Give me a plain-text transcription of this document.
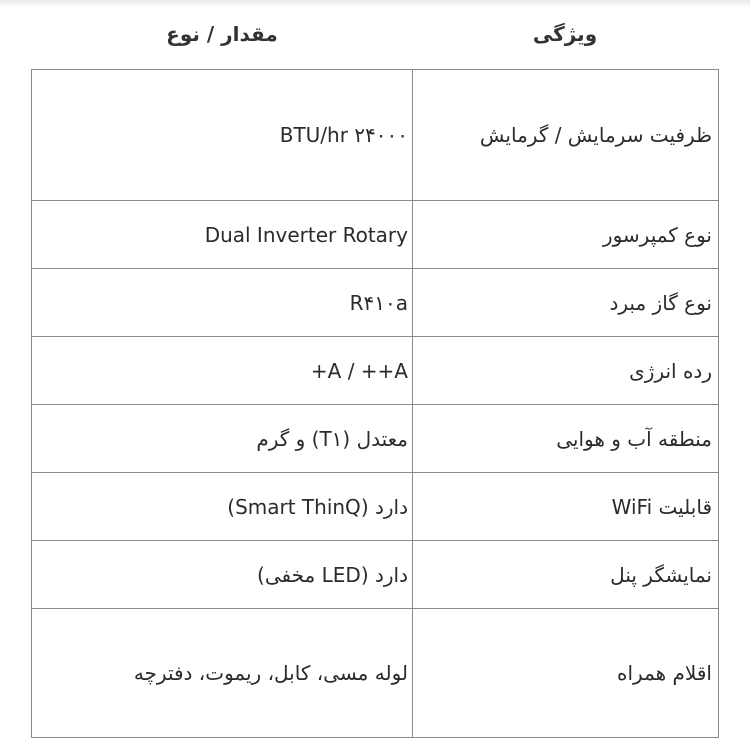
ویژگی
مقدار / نوع
ظرفیت سرمایش / گرمایش
BTU/hr ۲۴۰۰۰
نوع کمپرسور
Dual Inverter Rotary
نوع گاز مبرد
R۴۱۰a
رده انرژی
A / ++A+
منطقه آب و هوایی
معتدل (T۱) و گرم
قابلیت WiFi
دارد (Smart ThinQ)
نمایشگر پنل
دارد (LED مخفی)
اقلام همراه
لوله مسی، کابل، ریموت، دفترچه
